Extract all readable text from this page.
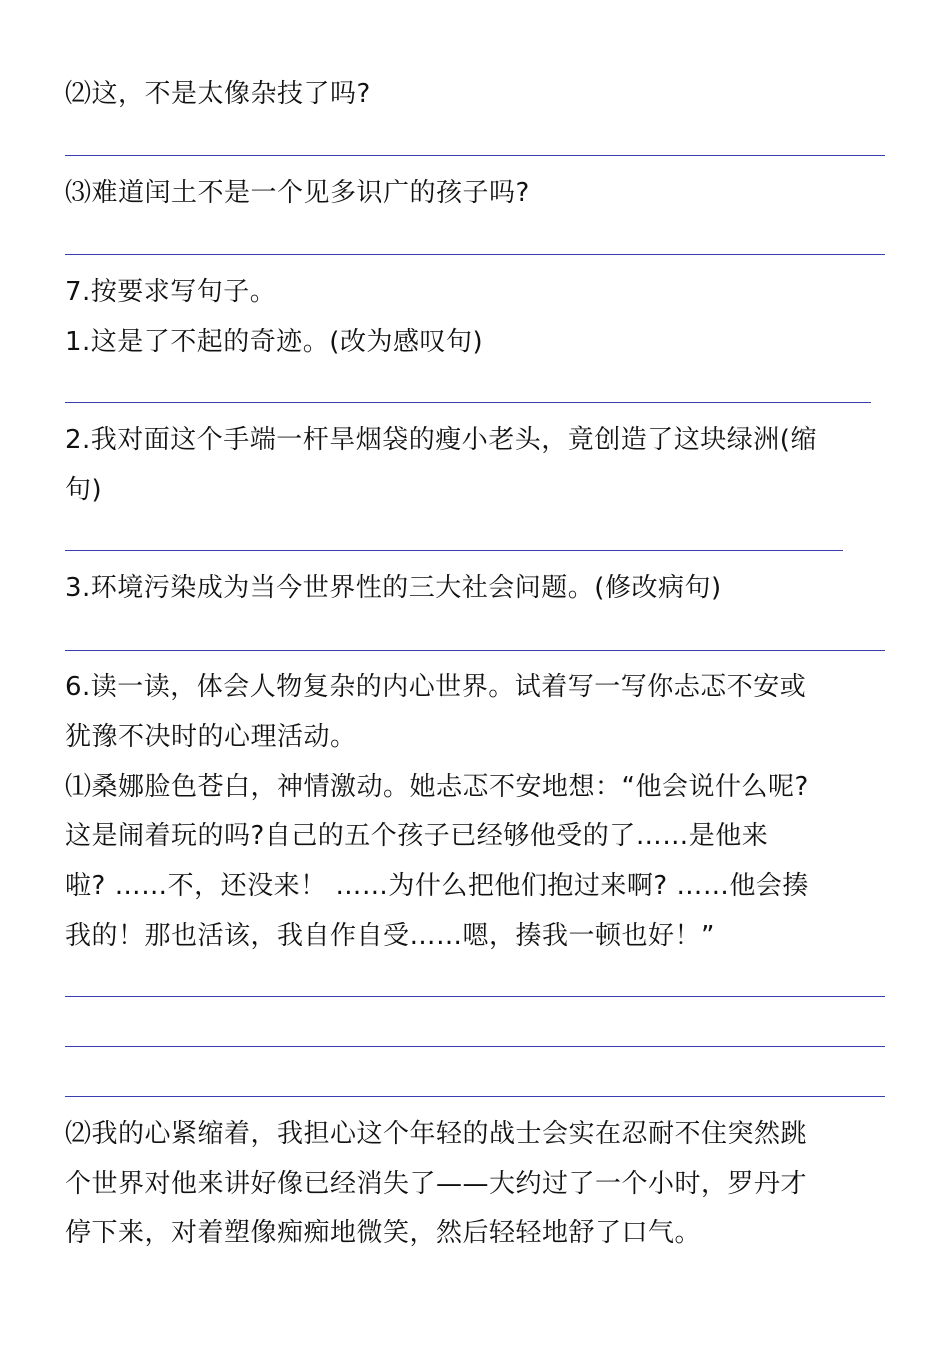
⑵这，不是太像杂技了吗?
⑶难道闰土不是一个见多识广的孩子吗?
7.按要求写句子。
1.这是了不起的奇迹。(改为感叹句)
2.我对面这个手端一杆旱烟袋的瘦小老头，竟创造了这块绿洲(缩
句)
3.环境污染成为当今世界性的三大社会问题。(修改病句)
6.读一读，体会人物复杂的内心世界。试着写一写你忐忑不安或
犹豫不决时的心理活动。
⑴桑娜脸色苍白，神情激动。她忐忑不安地想：“他会说什么呢?
这是闹着玩的吗?自己的五个孩子已经够他受的了……是他来
啦? ……不，还没来！ ……为什么把他们抱过来啊? ……他会揍
我的！那也活该，我自作自受……嗯，揍我一顿也好！”
⑵我的心紧缩着，我担心这个年轻的战士会实在忍耐不住突然跳
个世界对他来讲好像已经消失了——大约过了一个小时，罗丹才
停下来，对着塑像痴痴地微笑，然后轻轻地舒了口气。
